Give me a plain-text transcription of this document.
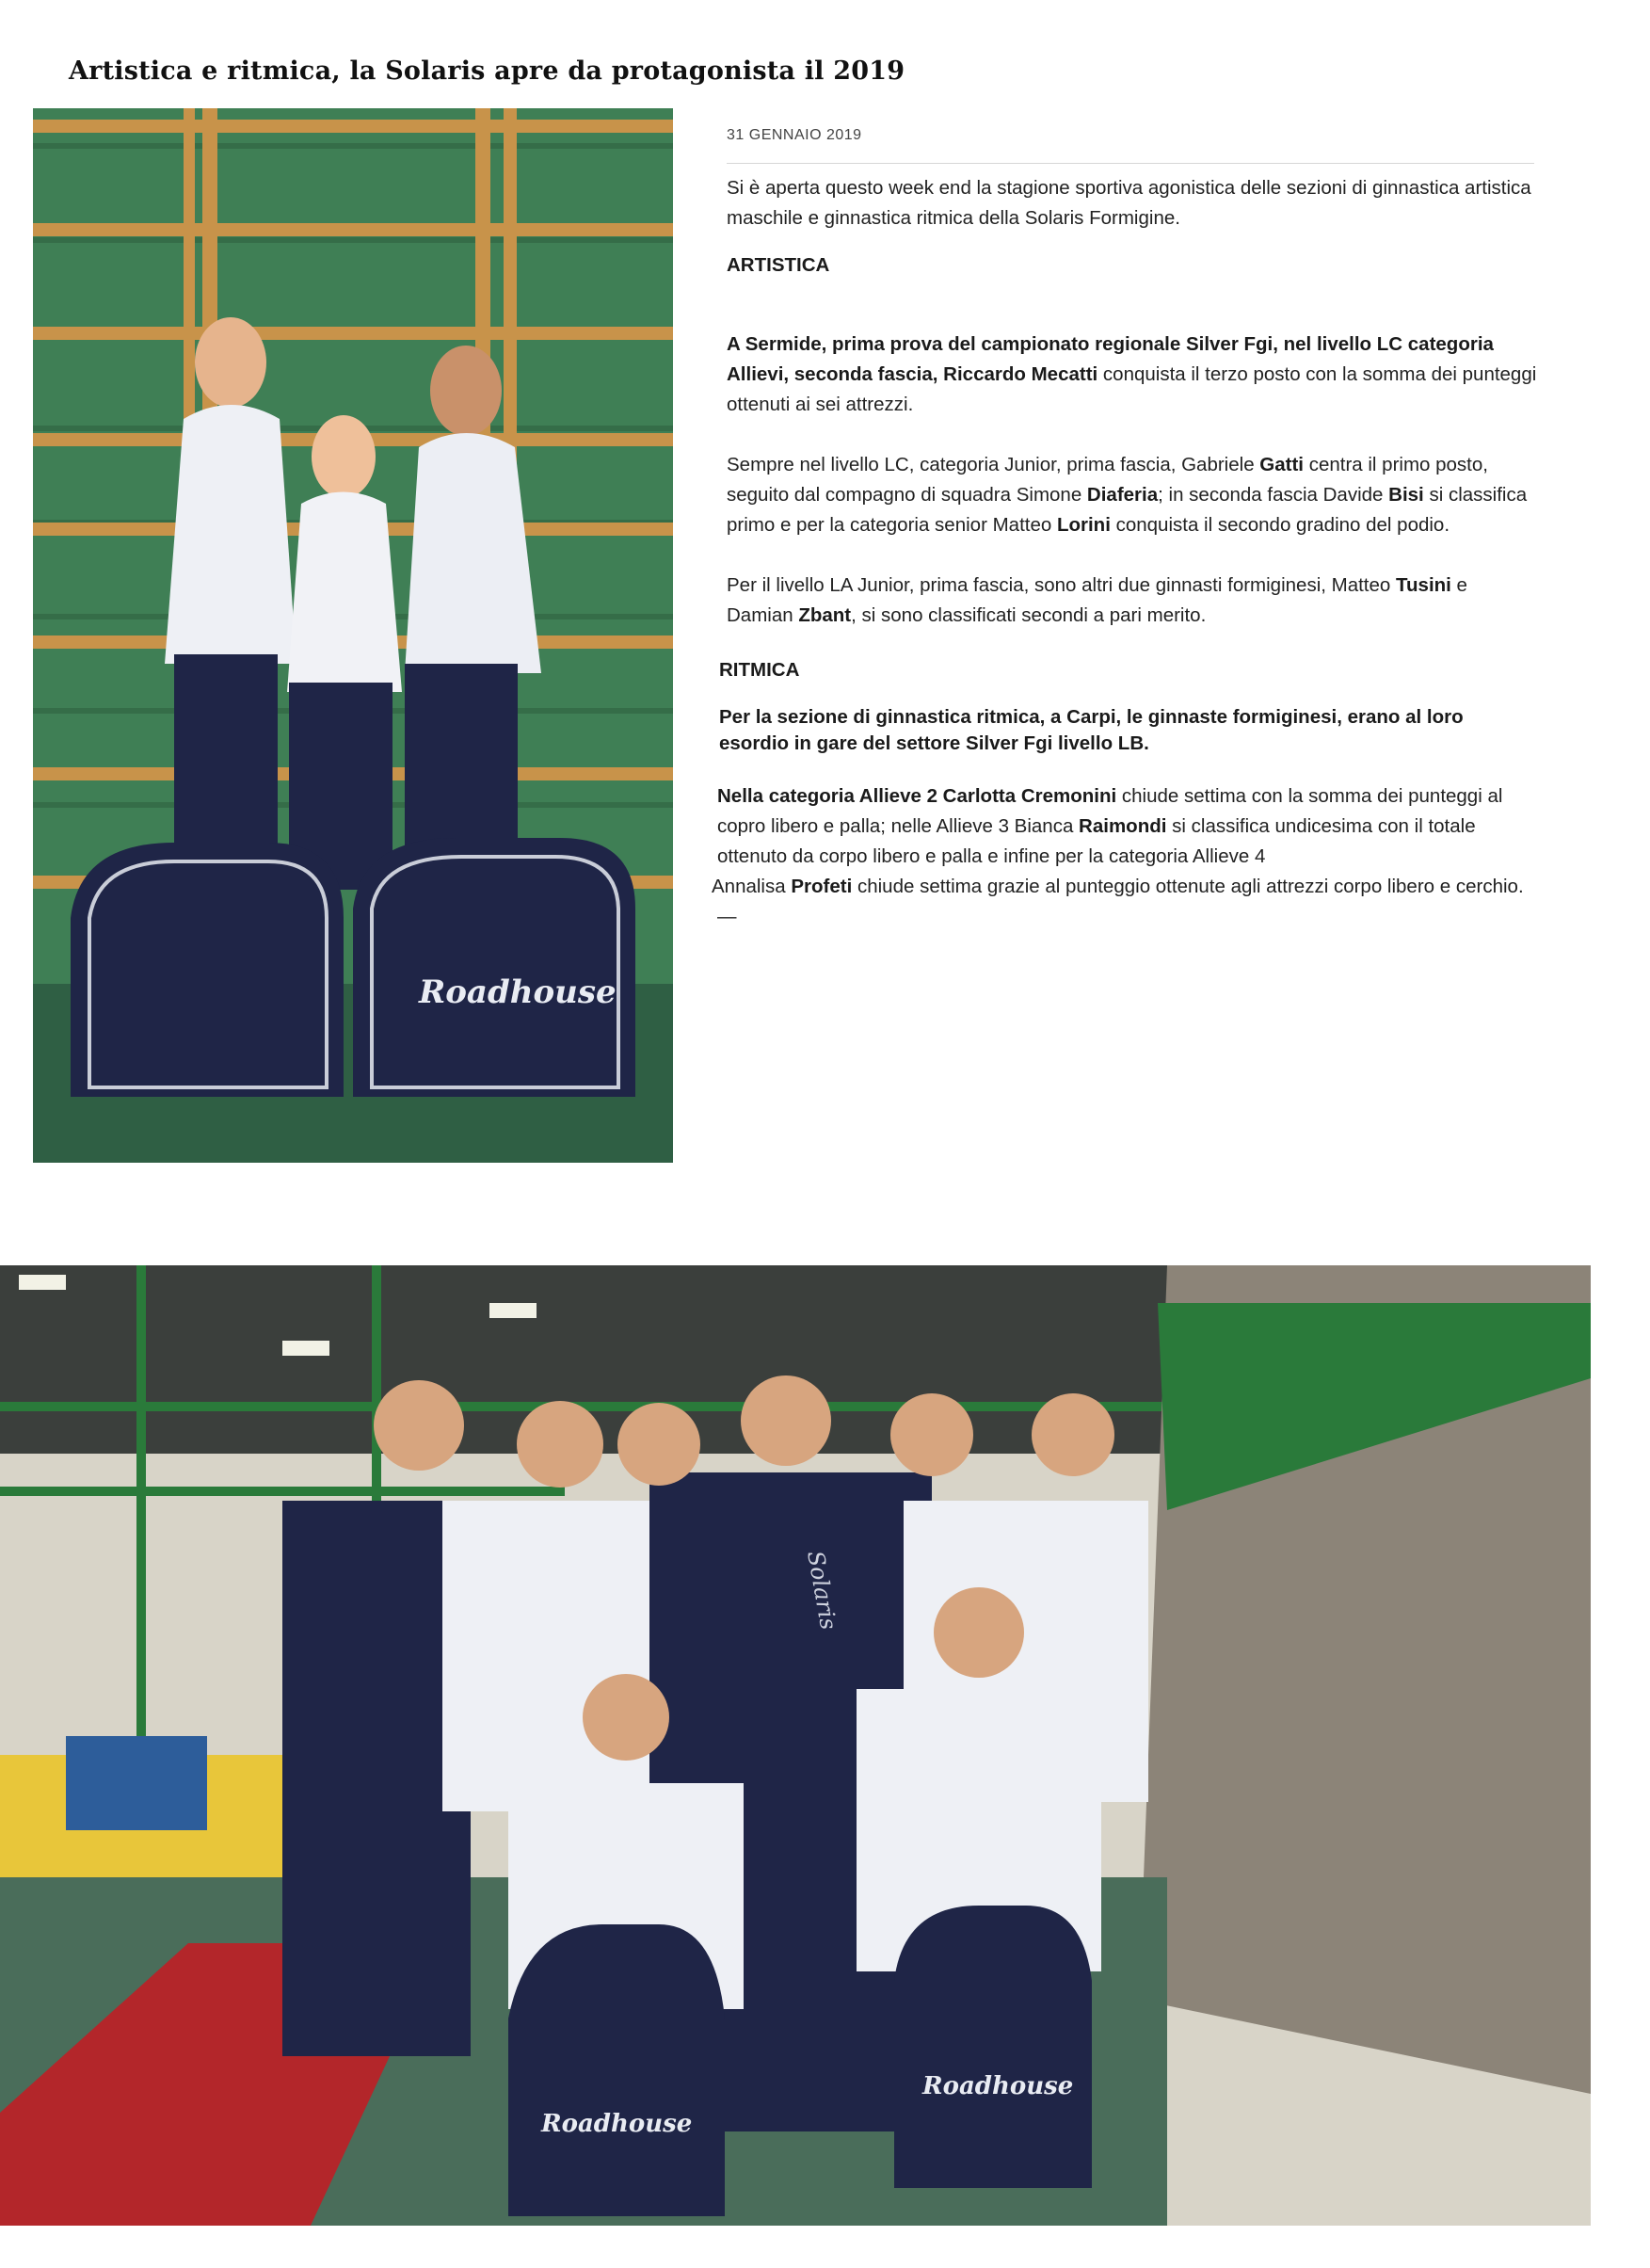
Artistica e ritmica, la Solaris apre da protagonista il 2019
Roadhouse

31 GENNAIO 2019

Si è aperta questo week end la stagione sportiva agonistica delle sezioni di ginnastica artistica maschile e ginnastica ritmica della Solaris Formigine.

ARTISTICA

A Sermide, prima prova del campionato regionale Silver Fgi, nel livello LC categoria Allievi, seconda fascia, Riccardo Mecatti conquista il terzo posto con la somma dei punteggi ottenuti ai sei attrezzi.

Sempre nel livello LC, categoria Junior, prima fascia, Gabriele Gatti centra il primo posto, seguito dal compagno di squadra Simone Diaferia; in seconda fascia Davide Bisi si classifica primo e per la categoria senior Matteo Lorini conquista il secondo gradino del podio.

Per il livello LA Junior, prima fascia, sono altri due ginnasti formiginesi, Matteo Tusini e Damian Zbant, si sono classificati secondi a pari merito.

RITMICA

Per la sezione di ginnastica ritmica, a Carpi, le ginnaste formiginesi, erano al loro esordio in gare del settore Silver Fgi livello LB.

Nella categoria Allieve 2 Carlotta Cremonini chiude settima con la somma dei punteggi al copro libero e palla; nelle Allieve 3 Bianca Raimondi si classifica undicesima con il totale ottenuto da corpo libero e palla e infine per la categoria Allieve 4
Annalisa Profeti chiude settima grazie al punteggio ottenute agli attrezzi corpo libero e cerchio. —

Roadhouse
Roadhouse
Solaris
